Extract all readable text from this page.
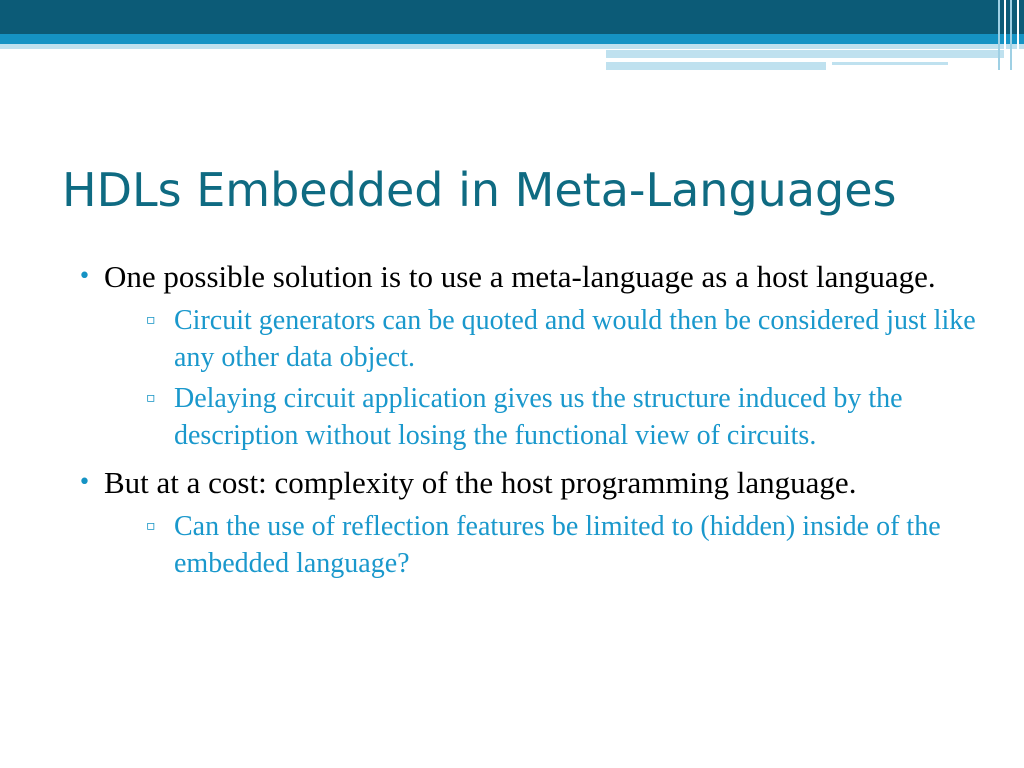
HDLs Embedded in Meta-Languages
• One possible solution is to use a meta-language as a host language.
▫ Circuit generators can be quoted and would then be considered just like any other data object.
▫ Delaying circuit application gives us the structure induced by the description without losing the functional view of circuits.
• But at a cost: complexity of the host programming language.
▫ Can the use of reflection features be limited to (hidden) inside of the embedded language?
